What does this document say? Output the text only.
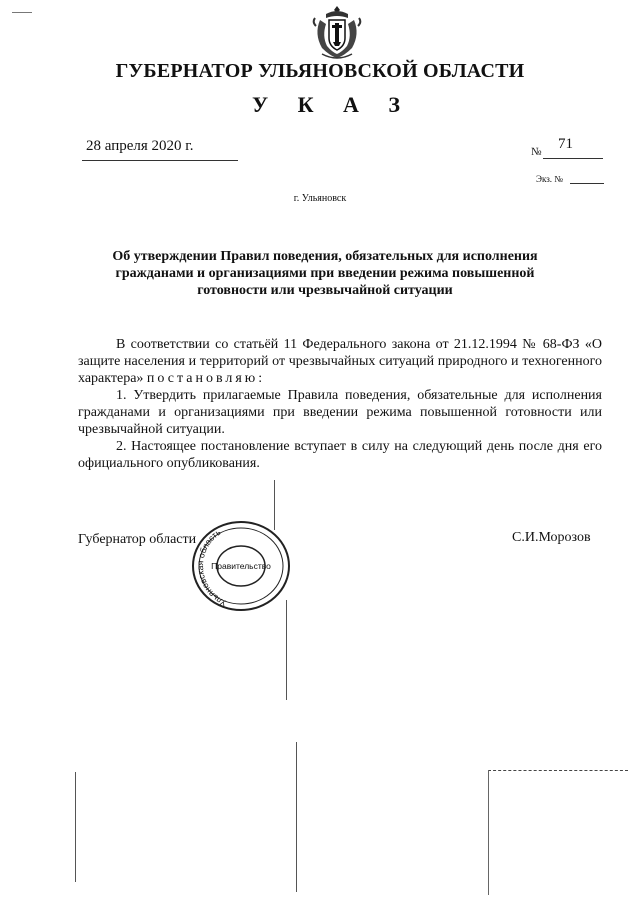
ГУБЕРНАТОР УЛЬЯНОВСКОЙ ОБЛАСТИ
У К А З
28 апреля 2020 г.	№ 71
Экз. №
г. Ульяновск
Об утверждении Правил поведения, обязательных для исполнения гражданами и организациями при введении режима повышенной готовности или чрезвычайной ситуации

В соответствии со статьёй 11 Федерального закона от 21.12.1994 № 68-ФЗ «О защите населения и территорий от чрезвычайных ситуаций природного и техногенного характера» постановляю:

1. Утвердить прилагаемые Правила поведения, обязательные для исполнения гражданами и организациями при введении режима повышенной готовности или чрезвычайной ситуации.

2. Настоящее постановление вступает в силу на следующий день после дня его официального опубликования.

Губернатор области
Ульяновская область
Правительство
С.И.Морозов
